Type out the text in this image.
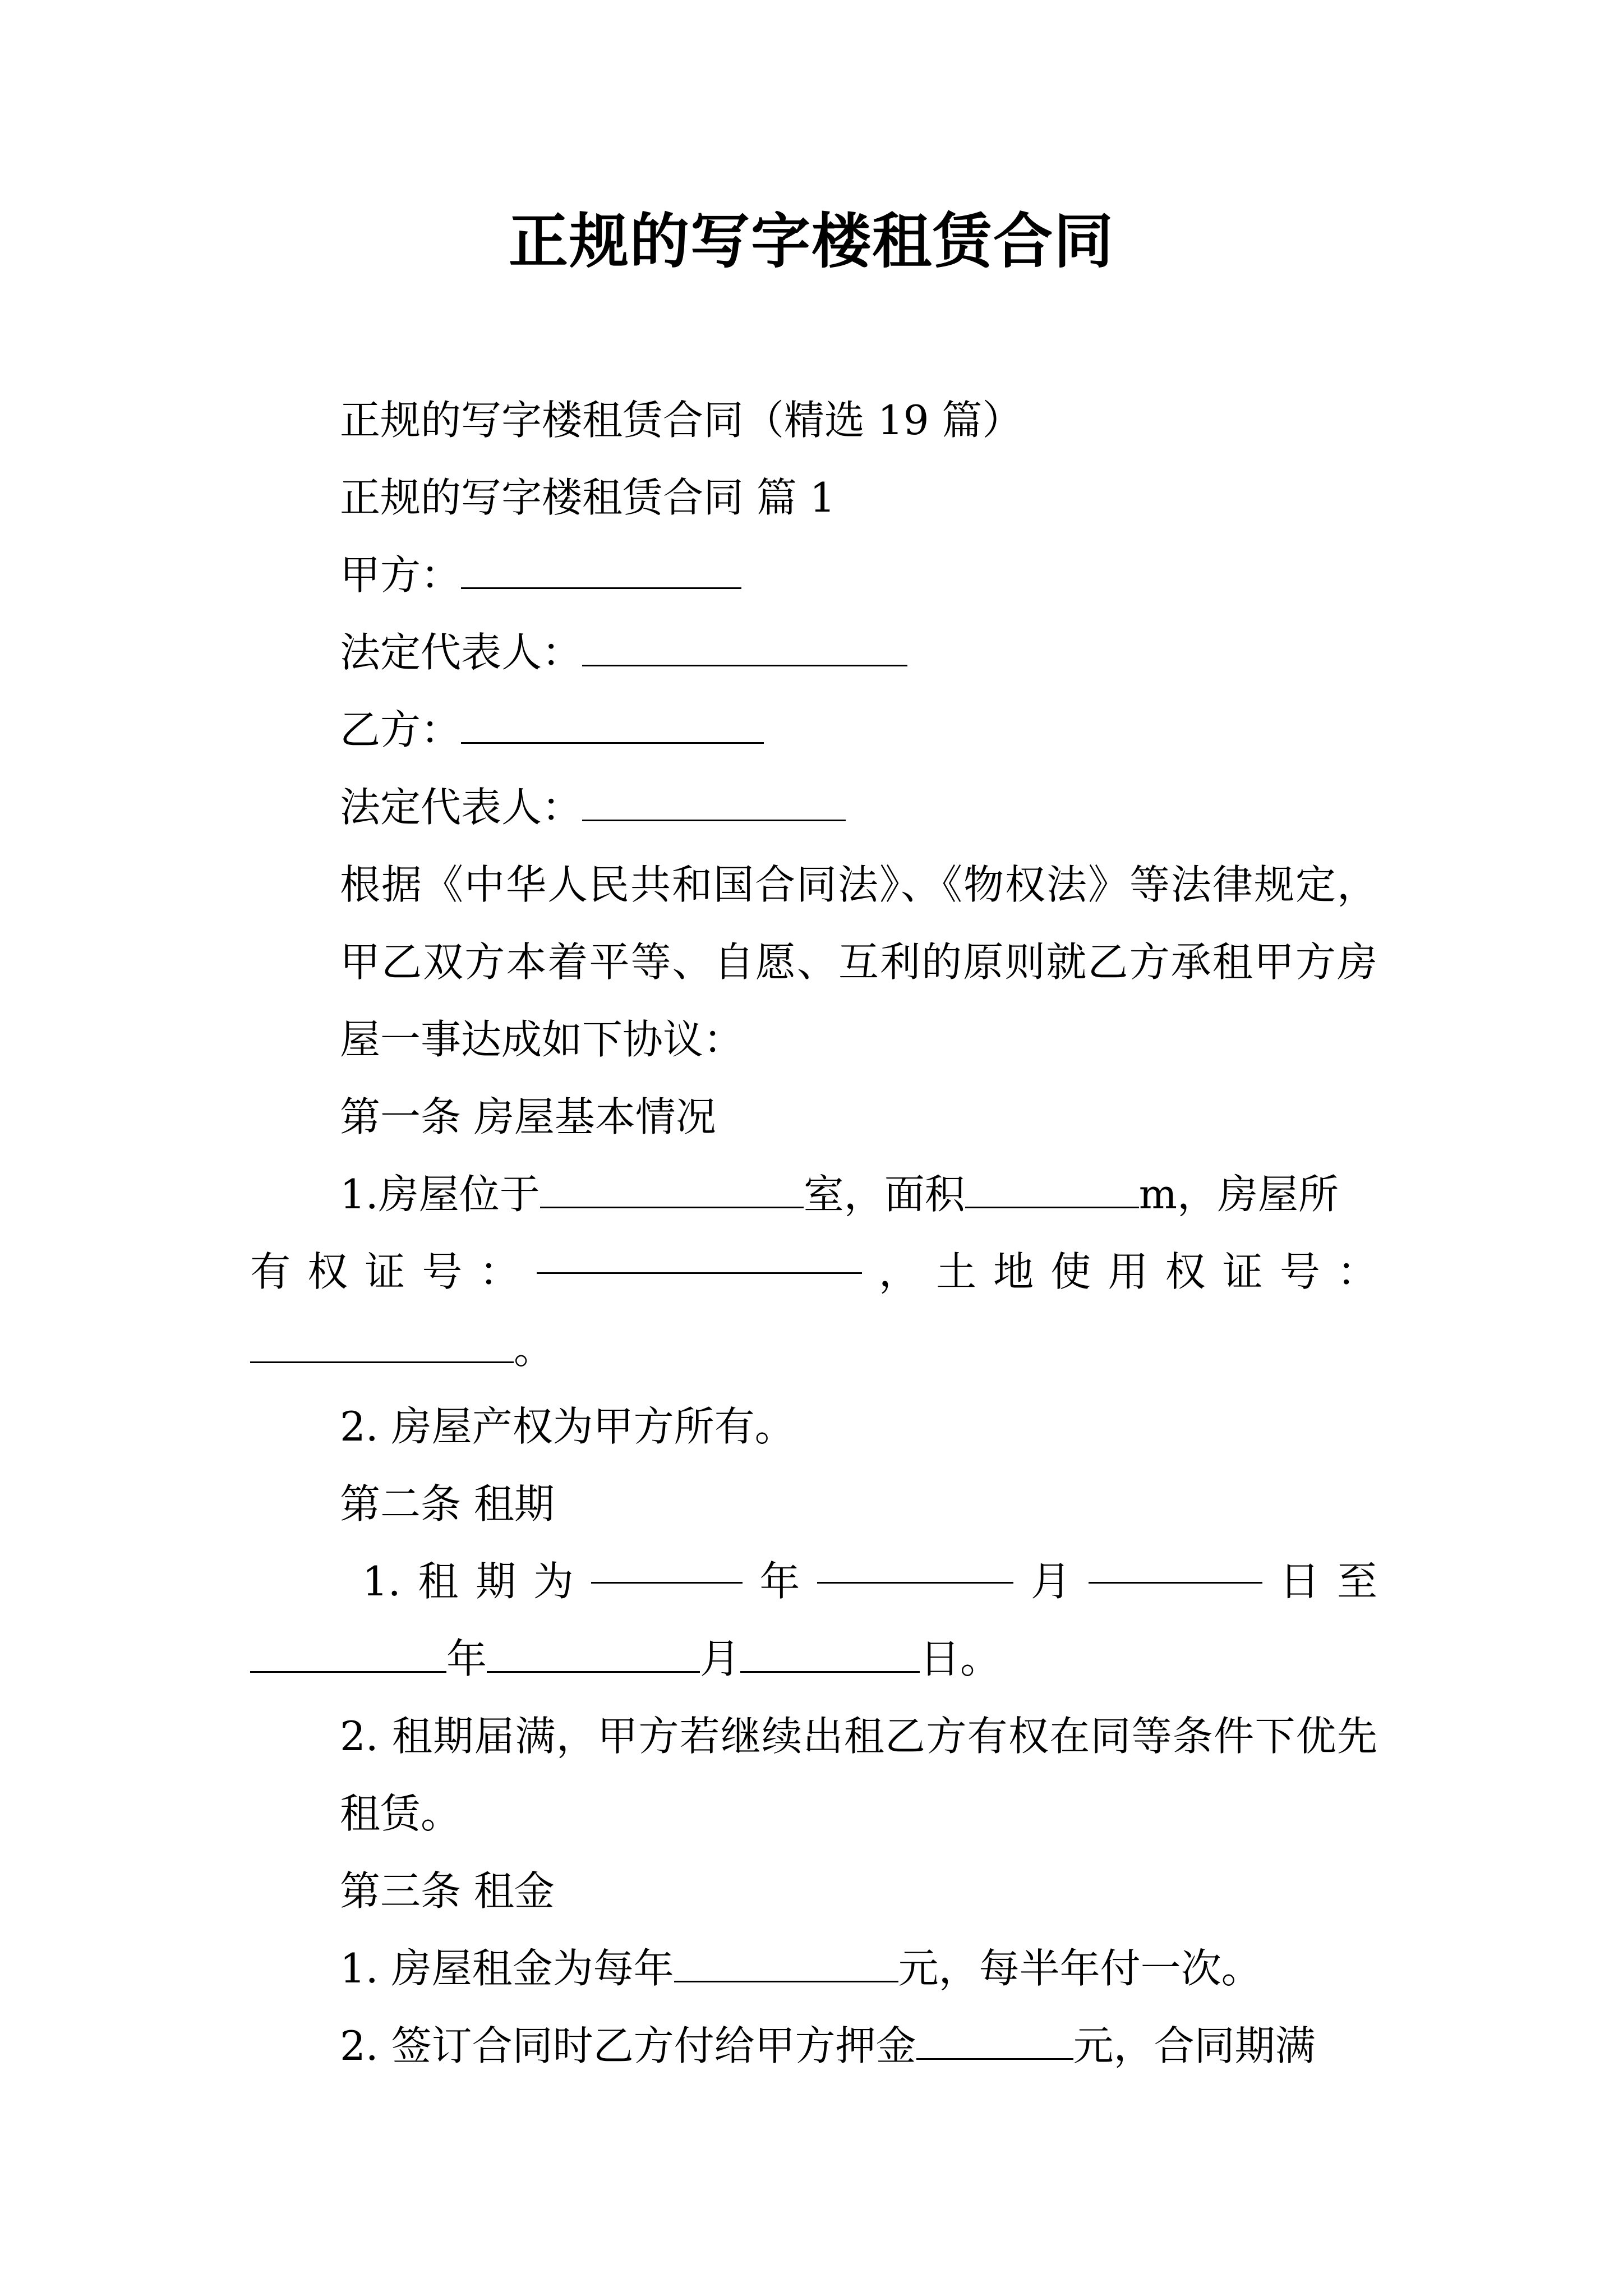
正规的写字楼租赁合同

正规的写字楼租赁合同（精选 19 篇）

正规的写字楼租赁合同 篇 1

甲方：

法定代表人：

乙方：

法定代表人：

根据《中华人民共和国合同法》、《物权法》等法律规定，甲乙双方本着平等、自愿、互利的原则就乙方承租甲方房屋一事达成如下协议：

第一条 房屋基本情况

1.房屋位于	室，面积	m，房屋所

有 权 证 号 ：	， 土 地 使 用 权 证 号 ：

。

2. 房屋产权为甲方所有。

第二条 租期

1. 租 期 为	年	月	日 至

年	月	日。

2. 租期届满，甲方若继续出租乙方有权在同等条件下优先租赁。

第三条 租金

1. 房屋租金为每年	元，每半年付一次。

2. 签订合同时乙方付给甲方押金	元，合同期满
